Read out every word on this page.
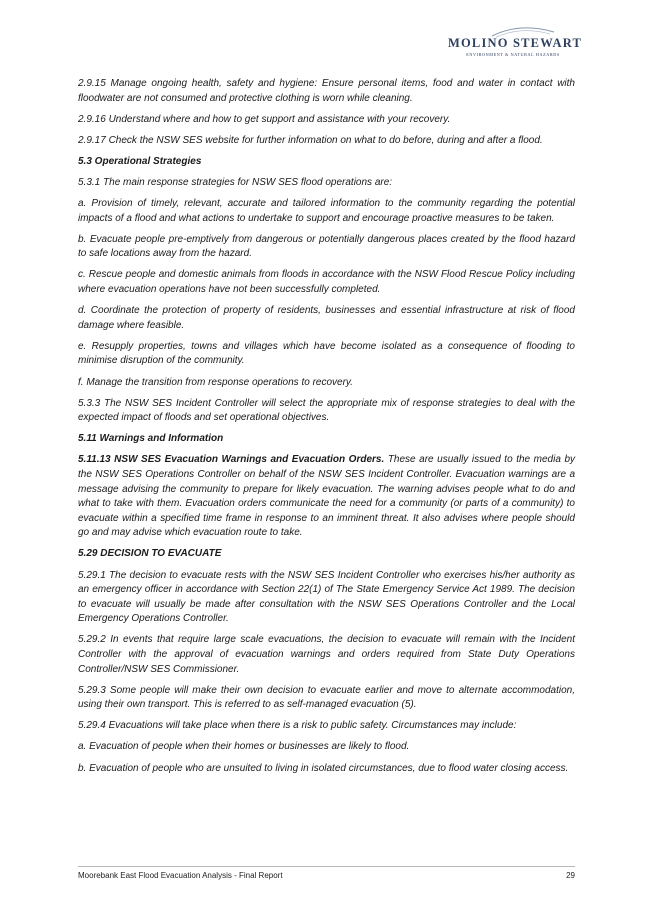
MOLINO STEWART
ENVIRONMENT & NATURAL HAZARDS

2.9.15 Manage ongoing health, safety and hygiene: Ensure personal items, food and water in contact with floodwater are not consumed and protective clothing is worn while cleaning.

2.9.16 Understand where and how to get support and assistance with your recovery.

2.9.17 Check the NSW SES website for further information on what to do before, during and after a flood.

5.3 Operational Strategies

5.3.1 The main response strategies for NSW SES flood operations are:

a. Provision of timely, relevant, accurate and tailored information to the community regarding the potential impacts of a flood and what actions to undertake to support and encourage proactive measures to be taken.

b. Evacuate people pre-emptively from dangerous or potentially dangerous places created by the flood hazard to safe locations away from the hazard.

c. Rescue people and domestic animals from floods in accordance with the NSW Flood Rescue Policy including where evacuation operations have not been successfully completed.

d. Coordinate the protection of property of residents, businesses and essential infrastructure at risk of flood damage where feasible.

e. Resupply properties, towns and villages which have become isolated as a consequence of flooding to minimise disruption of the community.

f. Manage the transition from response operations to recovery.

5.3.3 The NSW SES Incident Controller will select the appropriate mix of response strategies to deal with the expected impact of floods and set operational objectives.

5.11 Warnings and Information

5.11.13 NSW SES Evacuation Warnings and Evacuation Orders. These are usually issued to the media by the NSW SES Operations Controller on behalf of the NSW SES Incident Controller. Evacuation warnings are a message advising the community to prepare for likely evacuation. The warning advises people what to do and what to take with them. Evacuation orders communicate the need for a community (or parts of a community) to evacuate within a specified time frame in response to an imminent threat. It also advises where people should go and may advise which evacuation route to take.

5.29 DECISION TO EVACUATE

5.29.1 The decision to evacuate rests with the NSW SES Incident Controller who exercises his/her authority as an emergency officer in accordance with Section 22(1) of The State Emergency Service Act 1989. The decision to evacuate will usually be made after consultation with the NSW SES Operations Controller and the Local Emergency Operations Controller.

5.29.2 In events that require large scale evacuations, the decision to evacuate will remain with the Incident Controller with the approval of evacuation warnings and orders required from State Duty Operations Controller/NSW SES Commissioner.

5.29.3 Some people will make their own decision to evacuate earlier and move to alternate accommodation, using their own transport. This is referred to as self-managed evacuation (5).

5.29.4 Evacuations will take place when there is a risk to public safety. Circumstances may include:

a. Evacuation of people when their homes or businesses are likely to flood.

b. Evacuation of people who are unsuited to living in isolated circumstances, due to flood water closing access.

Moorebank East Flood Evacuation Analysis - Final Report	29
